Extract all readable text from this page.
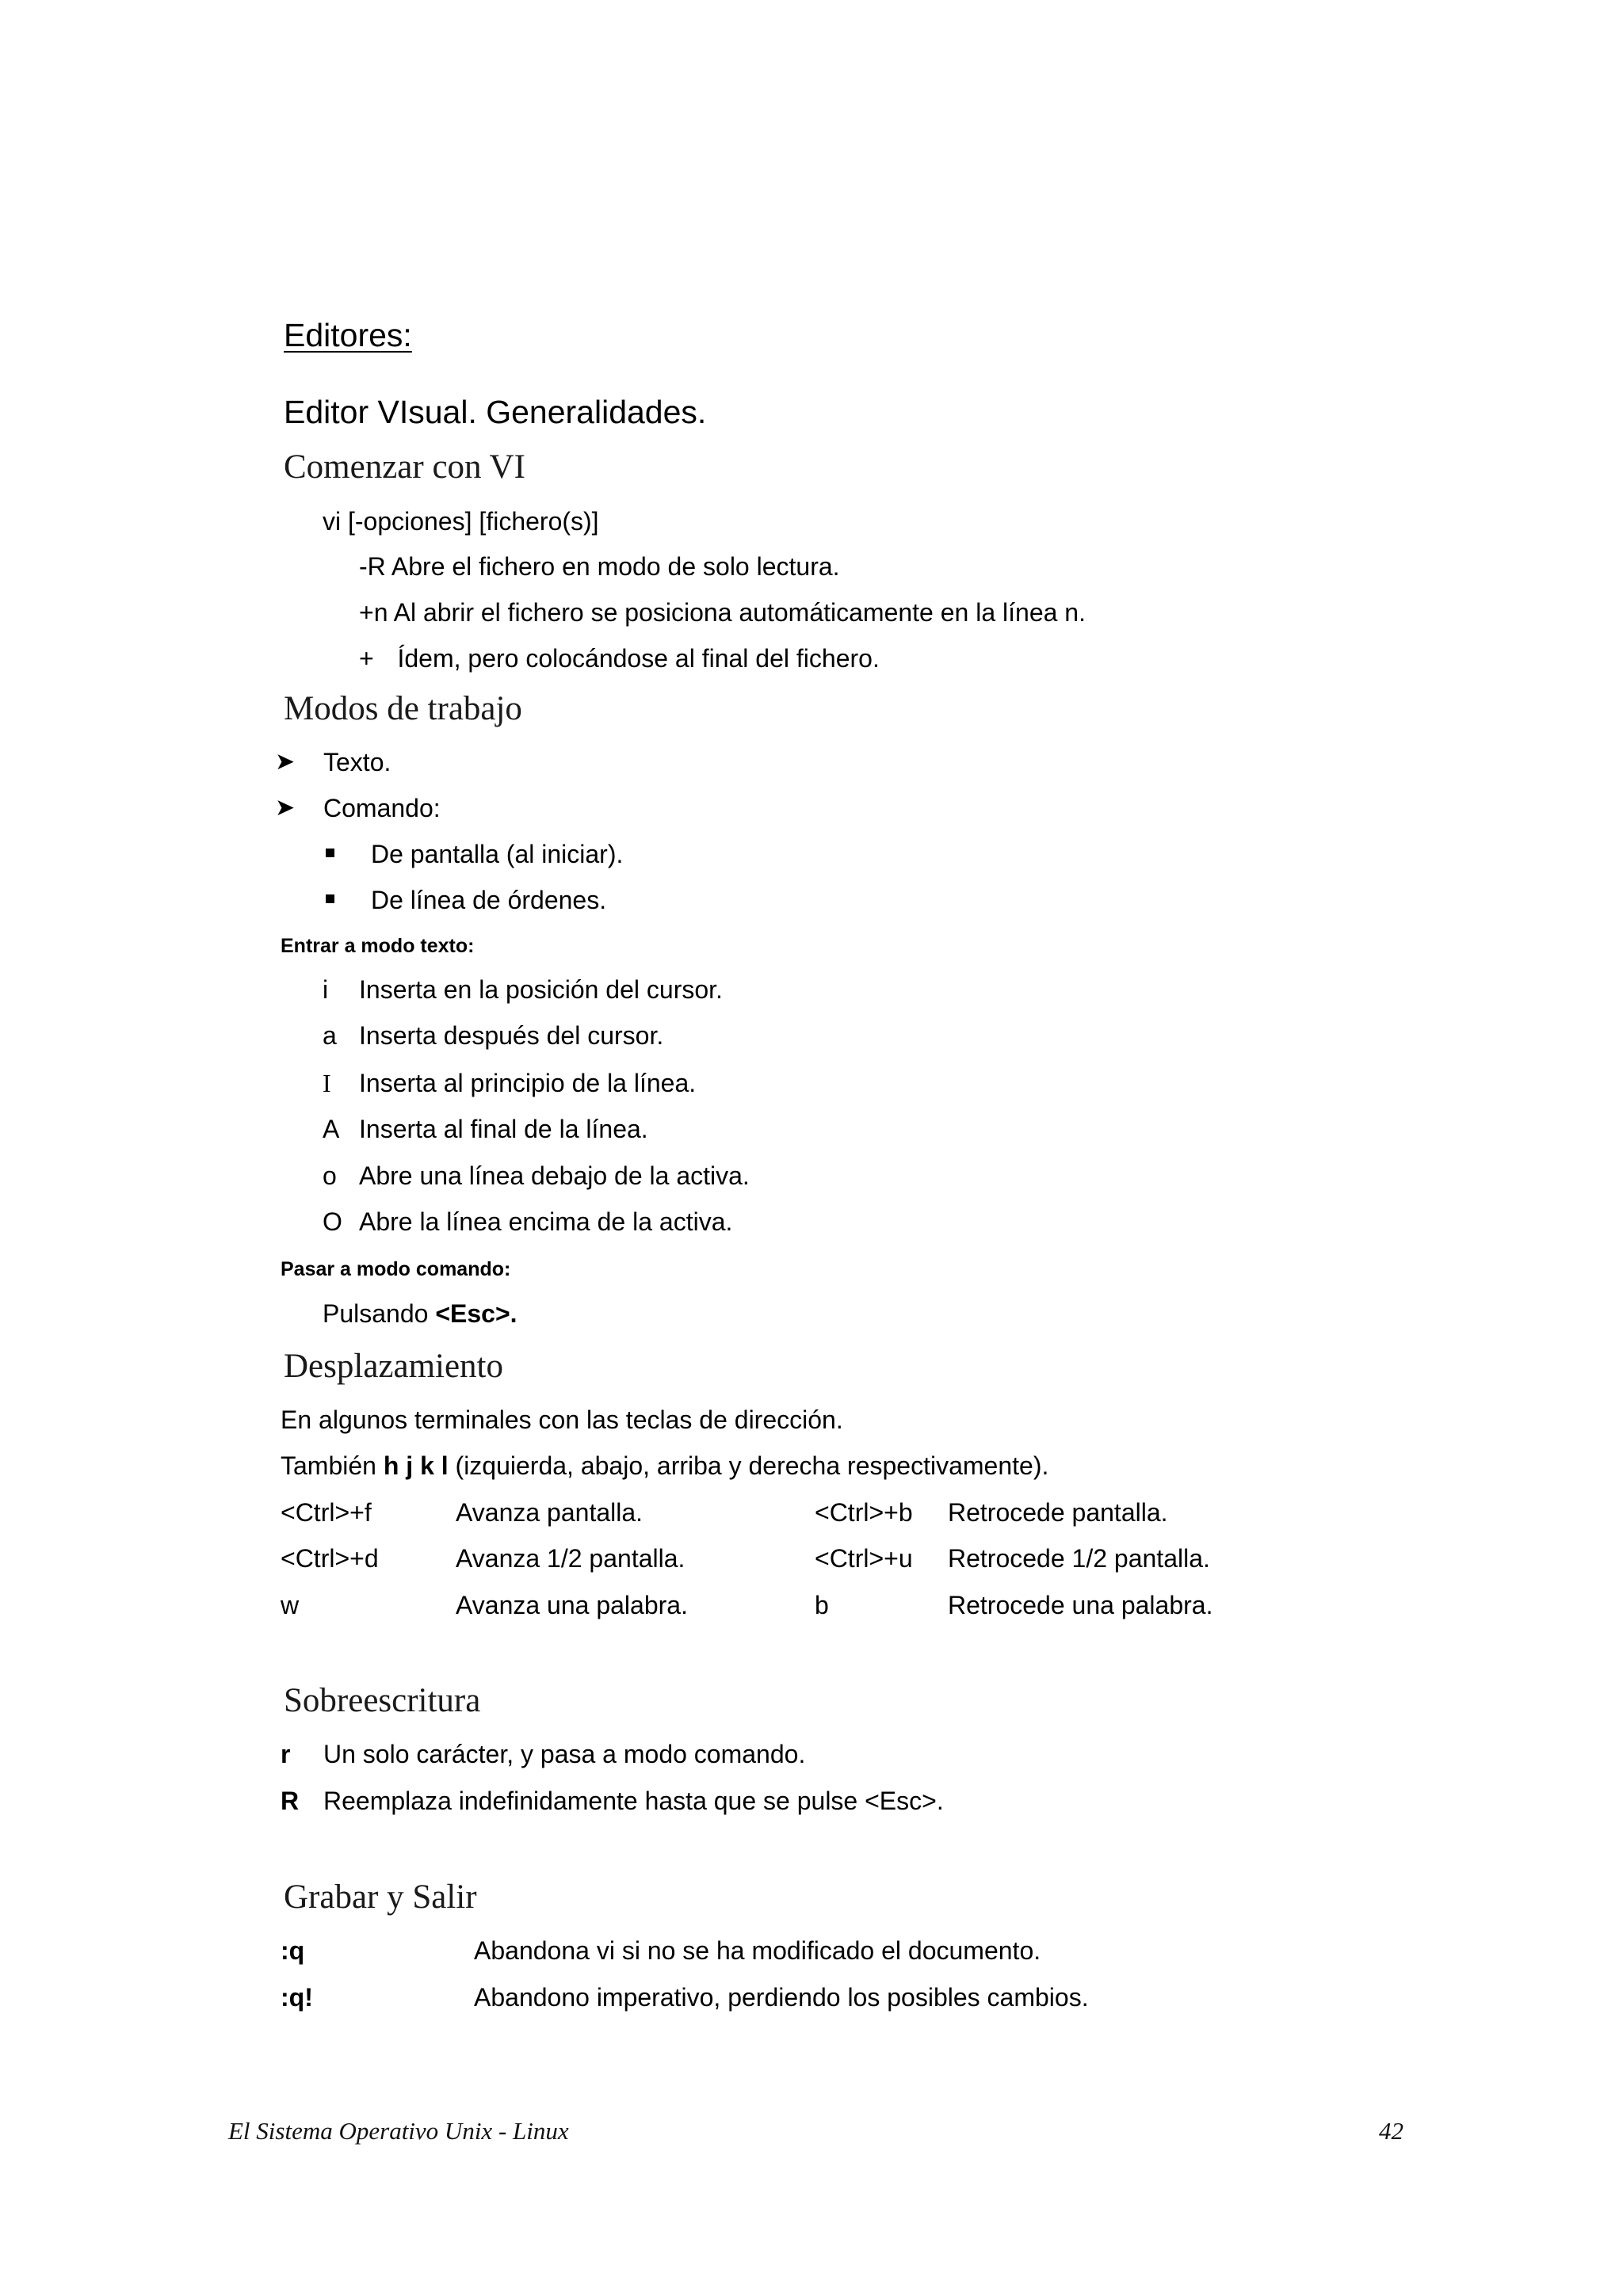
Editores:
Editor VIsual. Generalidades.
Comenzar con VI
vi [-opciones] [fichero(s)]
-R Abre el fichero en modo de solo lectura.
+n Al abrir el fichero se posiciona automáticamente en la línea n.
+ Ídem, pero colocándose al final del fichero.
Modos de trabajo
➤ Texto.
➤ Comando:
De pantalla (al iniciar).
De línea de órdenes.
Entrar a modo texto:
i Inserta en la posición del cursor.
a Inserta después del cursor.
I Inserta al principio de la línea.
A Inserta al final de la línea.
o Abre una línea debajo de la activa.
O Abre la línea encima de la activa.
Pasar a modo comando:
Pulsando <Esc>.
Desplazamiento
En algunos terminales con las teclas de dirección.
También h j k l (izquierda, abajo, arriba y derecha respectivamente).
<Ctrl>+f	Avanza pantalla.	<Ctrl>+b Retrocede pantalla.
<Ctrl>+d	Avanza 1/2 pantalla.	<Ctrl>+u Retrocede 1/2 pantalla.
w	Avanza una palabra.	b	Retrocede una palabra.
Sobreescritura
r Un solo carácter, y pasa a modo comando.
R Reemplaza indefinidamente hasta que se pulse <Esc>.
Grabar y Salir
:q	Abandona vi si no se ha modificado el documento.
:q!	Abandono imperativo, perdiendo los posibles cambios.
El Sistema Operativo Unix - Linux	42
